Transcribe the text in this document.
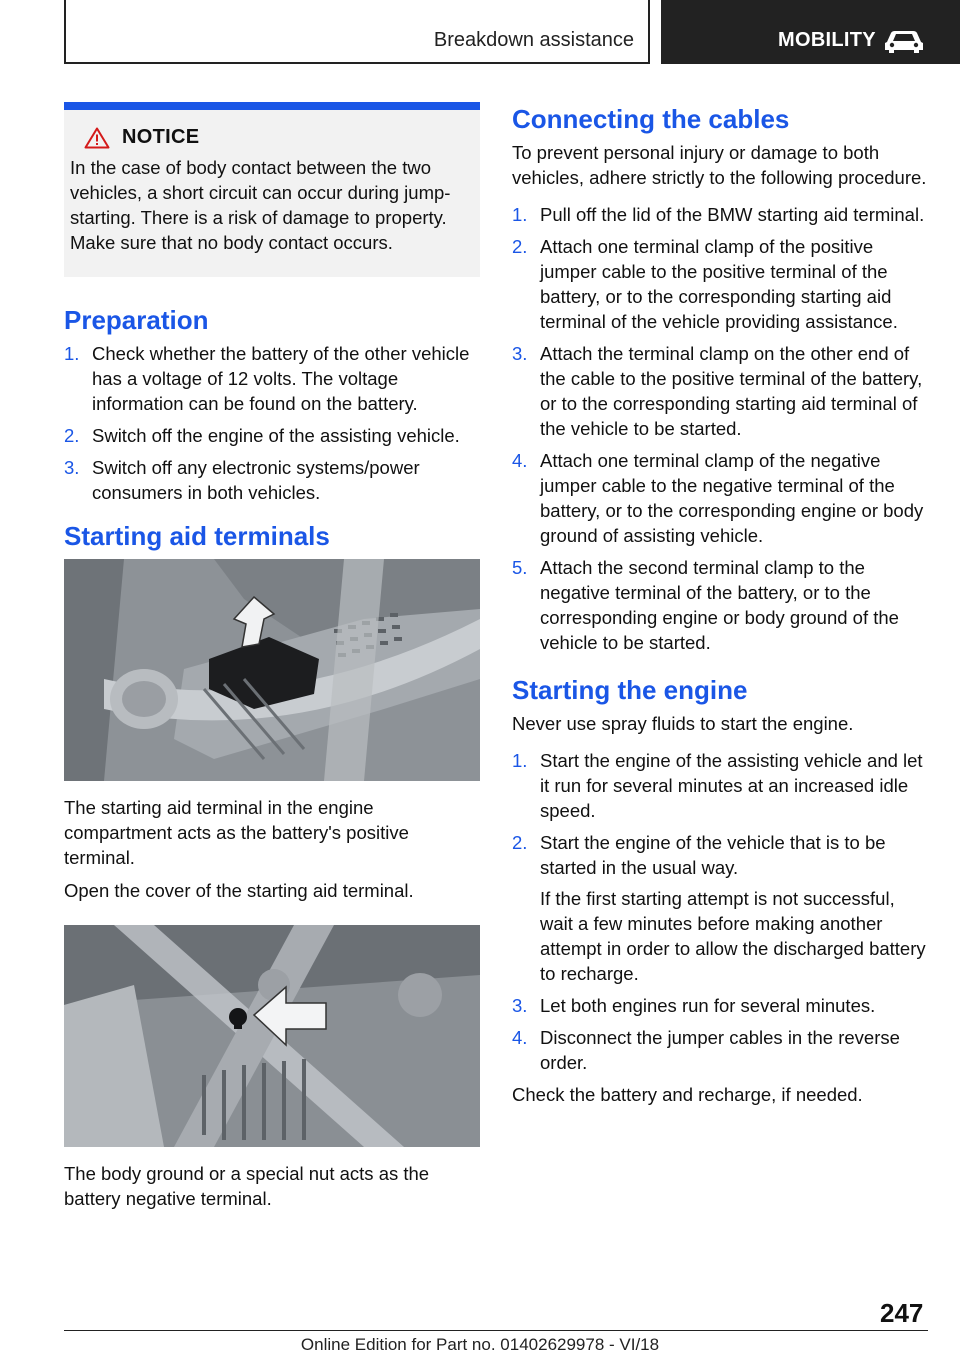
Breakdown assistance	MOBILITY
NOTICE

In the case of body contact between the two vehicles, a short circuit can occur during jump-starting. There is a risk of damage to property. Make sure that no body contact occurs.

Preparation
1. Check whether the battery of the other vehicle has a voltage of 12 volts. The voltage information can be found on the battery.
2. Switch off the engine of the assisting vehicle.
3. Switch off any electronic systems/power consumers in both vehicles.
Starting aid terminals

The starting aid terminal in the engine compartment acts as the battery's positive terminal.

Open the cover of the starting aid terminal.

The body ground or a special nut acts as the battery negative terminal.

Connecting the cables

To prevent personal injury or damage to both vehicles, adhere strictly to the following procedure.

1. Pull off the lid of the BMW starting aid terminal.
2. Attach one terminal clamp of the positive jumper cable to the positive terminal of the battery, or to the corresponding starting aid terminal of the vehicle providing assistance.
3. Attach the terminal clamp on the other end of the cable to the positive terminal of the battery, or to the corresponding starting aid terminal of the vehicle to be started.
4. Attach one terminal clamp of the negative jumper cable to the negative terminal of the battery, or to the corresponding engine or body ground of assisting vehicle.
5. Attach the second terminal clamp to the negative terminal of the battery, or to the corresponding engine or body ground of the vehicle to be started.
Starting the engine

Never use spray fluids to start the engine.

1. Start the engine of the assisting vehicle and let it run for several minutes at an increased idle speed.
2. Start the engine of the vehicle that is to be started in the usual way.
If the first starting attempt is not successful, wait a few minutes before making another attempt in order to allow the discharged battery to recharge.
3. Let both engines run for several minutes.
4. Disconnect the jumper cables in the reverse order.

Check the battery and recharge, if needed.

247
Online Edition for Part no. 01402629978 - VI/18
